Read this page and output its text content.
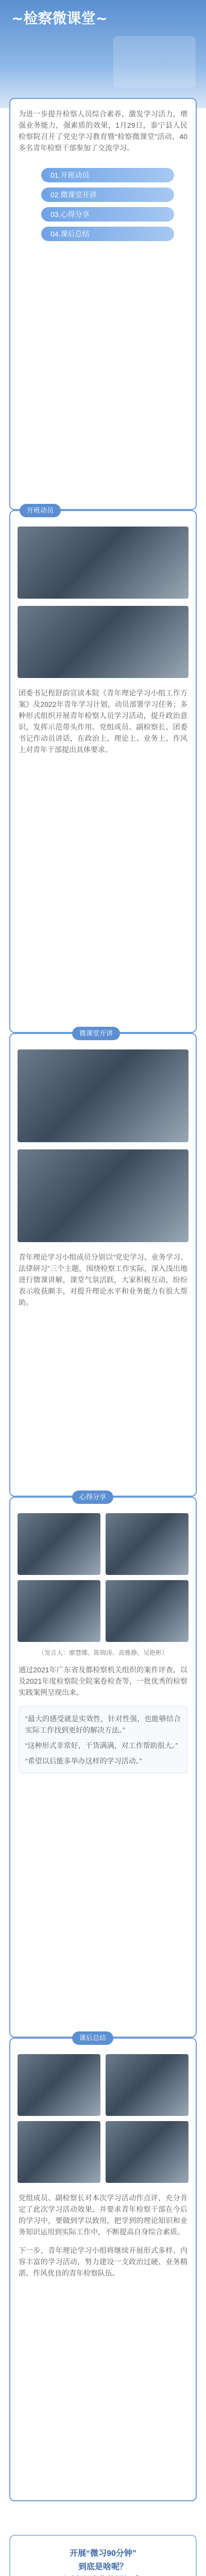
~检察微课堂~

为进一步提升检察人员综合素养，激发学习活力，增强业务能力，强素质的效果，1月29日，泰宁县人民检察院召开了党史学习教育暨“检察微课堂”活动，40多名青年检察干部参加了交流学习。

01.开班动员
02.微课堂开讲
03.心得分享
04.课后总结
开班动员

团委书记程舒韵宣读本院《青年理论学习小组工作方案》及2022年青年学习计划，动员部署学习任务；多种形式组织开展青年检察人员学习活动，提升政治意识，发挥示范带头作用。党组成员、副检察长、团委书记作动员讲话，在政治上、理论上、业务上、作风上对青年干部提出具体要求。

微课堂开讲

青年理论学习小组成员分别以“党史学习、业务学习、法律研习”三个主题，围绕检察工作实际，深入浅出地进行微课讲解，课堂气氛活跃，大家积极互动，纷纷表示收获颇丰，对提升理论水平和业务能力有很大帮助。

心得分享
（发言人：廖慧娜、陈锦涛、高雅静、吴艳彬）

通过2021年广东省及都检察机关组织的案件评查，以及2021年度检察院全院案卷检查等，一批优秀的检察实践案例呈现出来。

“最大的感受就是实效性，针对性强，也能够结合实际工作找到更好的解决方法。”

“这种形式非常好，干货满满，对工作帮助很大。”

“希望以后能多举办这样的学习活动。”

课后总结

党组成员、副检察长对本次学习活动作点评，充分肯定了此次学习活动效果，并要求青年检察干部在今后的学习中，要做到学以致用，把学到的理论知识和业务知识运用到实际工作中，不断提高自身综合素质。

下一步，青年理论学习小组将继续开展形式多样、内容丰富的学习活动，努力建设一支政治过硬、业务精湛、作风优良的青年检察队伍。

开展“微习90分钟”
到底是啥呢？
